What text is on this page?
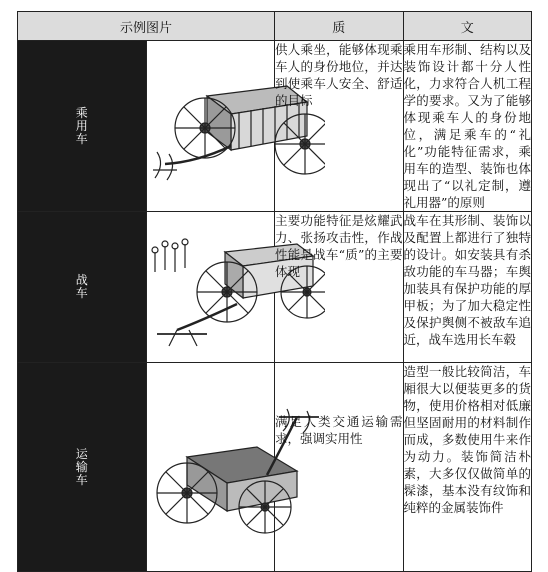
示例图片		质	文

乘用车		供人乘坐，能够体现乘车人的身份地位，并达到使乘车人安全、舒适的目标	乘用车形制、结构以及装饰设计都十分人性化，力求符合人机工程学的要求。又为了能够体现乘车人的身份地位，满足乘车的“礼化”功能特征需求，乘用车的造型、装饰也体现出了“以礼定制，遵礼用器”的原则

战车		主要功能特征是炫耀武力、张扬攻击性，作战性能是战车“质”的主要体现	战车在其形制、装饰以及配置上都进行了独特的设计。如安装具有杀敌功能的车马器；车舆加装具有保护功能的厚甲板；为了加大稳定性及保护舆侧不被敌车追近，战车选用长车毂

运输车		满足人类交通运输需求，强调实用性	造型一般比较简洁，车厢很大以便装更多的货物，使用价格相对低廉但坚固耐用的材料制作而成，多数使用牛来作为动力。装饰简洁朴素，大多仅仅做简单的髹漆，基本没有纹饰和纯粹的金属装饰件
